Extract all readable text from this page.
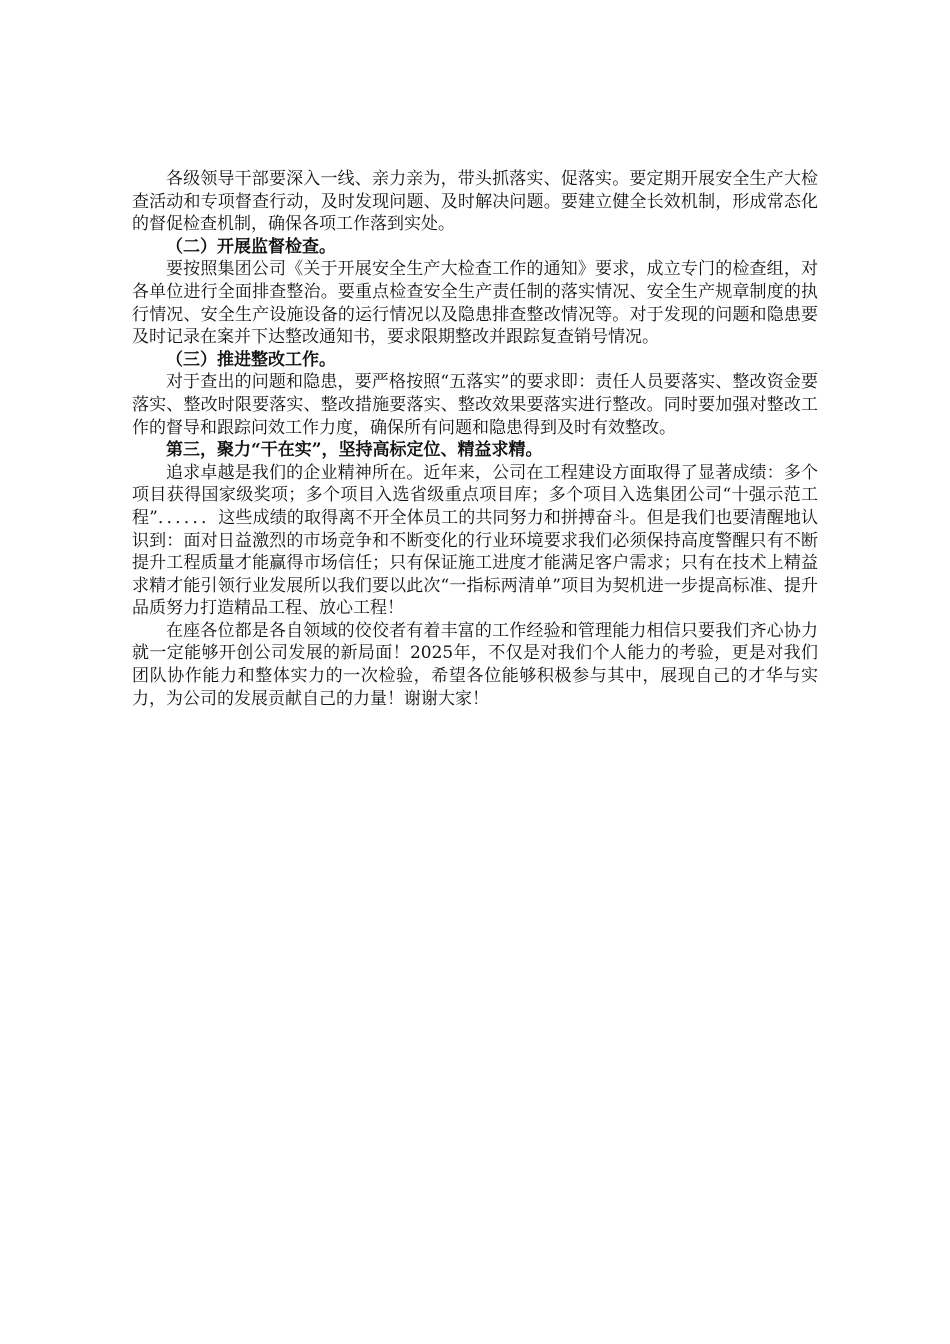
各级领导干部要深入一线、亲力亲为，带头抓落实、促落实。要定期开展安全生产大检查活动和专项督查行动，及时发现问题、及时解决问题。要建立健全长效机制，形成常态化的督促检查机制，确保各项工作落到实处。

（二）开展监督检查。

要按照集团公司《关于开展安全生产大检查工作的通知》要求，成立专门的检查组，对各单位进行全面排查整治。要重点检查安全生产责任制的落实情况、安全生产规章制度的执行情况、安全生产设施设备的运行情况以及隐患排查整改情况等。对于发现的问题和隐患要及时记录在案并下达整改通知书，要求限期整改并跟踪复查销号情况。

（三）推进整改工作。

对于查出的问题和隐患，要严格按照“五落实”的要求即：责任人员要落实、整改资金要落实、整改时限要落实、整改措施要落实、整改效果要落实进行整改。同时要加强对整改工作的督导和跟踪问效工作力度，确保所有问题和隐患得到及时有效整改。

第三，聚力“干在实”，坚持高标定位、精益求精。

追求卓越是我们的企业精神所在。近年来，公司在工程建设方面取得了显著成绩：多个项目获得国家级奖项；多个项目入选省级重点项目库；多个项目入选集团公司“十强示范工程”．．．．．．这些成绩的取得离不开全体员工的共同努力和拼搏奋斗。但是我们也要清醒地认识到：面对日益激烈的市场竞争和不断变化的行业环境要求我们必须保持高度警醒只有不断提升工程质量才能赢得市场信任；只有保证施工进度才能满足客户需求；只有在技术上精益求精才能引领行业发展所以我们要以此次“一指标两清单”项目为契机进一步提高标准、提升品质努力打造精品工程、放心工程！

在座各位都是各自领域的佼佼者有着丰富的工作经验和管理能力相信只要我们齐心协力就一定能够开创公司发展的新局面！2025年，不仅是对我们个人能力的考验，更是对我们团队协作能力和整体实力的一次检验，希望各位能够积极参与其中，展现自己的才华与实力，为公司的发展贡献自己的力量！谢谢大家！
